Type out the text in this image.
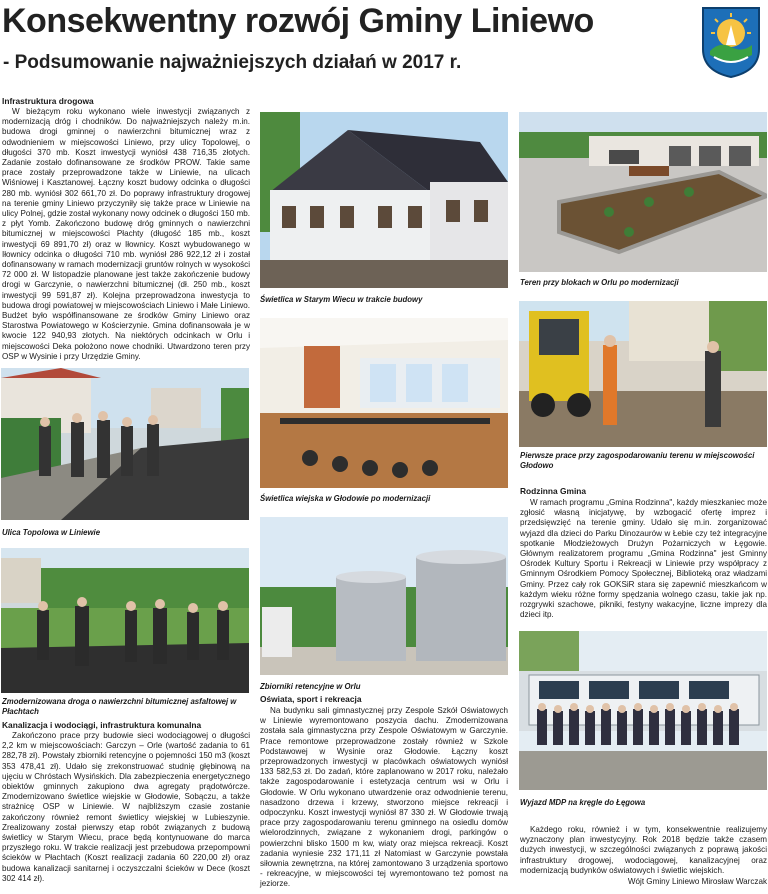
Konsekwentny rozwój Gminy Liniewo
- Podsumowanie najważniejszych działań w 2017 r.
Infrastruktura drogowa

W bieżącym roku wykonano wiele inwestycji związanych z modernizacją dróg i chodników. Do najważniejszych należy m.in. budowa drogi gminnej o nawierzchni bitumicznej wraz z odwodnieniem w miejscowości Liniewo, przy ulicy Topolowej, o długości 370 mb. Koszt inwestycji wyniósł 438 716,35 złotych. Zadanie zostało dofinansowane ze środków PROW. Takie same prace zostały przeprowadzone także w Liniewie, na ulicach Wiśniowej i Kasztanowej. Łączny koszt budowy odcinka o długości 280 mb. wyniósł 302 661,70 zł. Do poprawy infrastruktury drogowej na terenie gminy Liniewo przyczyniły się także prace w Liniewie na ulicy Polnej, gdzie został wykonany nowy odcinek o długości 150 mb. z płyt Yomb. Zakończono budowę dróg gminnych o nawierzchni bitumicznej w miejscowości Płachty (długość 185 mb., koszt inwestycji 69 891,70 zł) oraz w Iłownicy. Koszt wybudowanego w Iłownicy odcinka o długości 710 mb. wyniósł 286 922,12 zł i został dofinansowany w ramach modernizacji gruntów rolnych w wysokości 72 000 zł. W listopadzie planowane jest także zakończenie budowy drogi w Garczynie, o nawierzchni bitumicznej (dł. 250 mb., koszt inwestycji 99 591,87 zł). Kolejna przeprowadzona inwestycja to budowa drogi powiatowej w miejscowościach Liniewo i Małe Liniewo. Budżet było współfinansowane ze środków Gminy Liniewo oraz Starostwa Powiatowego w Kościerzynie. Gmina dofinansowała je w kwocie 122 940,93 złotych. Na niektórych odcinkach w Orlu i miejscowości Deka położono nowe chodniki. Utwardzono teren przy OSP w Wysinie i przy Urzędzie Gminy.

Ulica Topolowa w Liniewie
Zmodernizowana droga o nawierzchni bitumicznej asfaltowej w Płachtach
Kanalizacja i wodociągi, infrastruktura komunalna

Zakończono prace przy budowie sieci wodociągowej o długości 2,2 km w miejscowościach: Garczyn – Orle (wartość zadania to 61 282,78 zł). Powstały zbiorniki retencyjne o pojemności 150 m3 (koszt 353 478,41 zł). Udało się zrekonstruować studnię głębinową na ujęciu w Chróstach Wysińskich. Dla zabezpieczenia energetycznego obiektów gminnych zakupiono dwa agregaty prądotwórcze. Zmodernizowano świetlice wiejskie w Głodowie, Sobączu, a także strażnicę OSP w Liniewie. W najbliższym czasie zostanie zakończony również remont świetlicy wiejskiej w Lubieszynie. Zrealizowany został pierwszy etap robót związanych z budową świetlicy w Starym Wiecu, prace będą kontynuowane do marca przyszłego roku. W trakcie realizacji jest przebudowa przepompowni ścieków w Płachtach (Koszt realizacji zadania 60 220,00 zł) oraz budowa kanalizacji sanitarnej i oczyszczalni ścieków w Dece (koszt 302 414 zł).

Świetlica w Starym Wiecu w trakcie budowy
Świetlica wiejska w Głodowie po modernizacji
Zbiorniki retencyjne w Orlu
Oświata, sport i rekreacja

Na budynku sali gimnastycznej przy Zespole Szkół Oświatowych w Liniewie wyremontowano poszycia dachu. Zmodernizowana została sala gimnastyczna przy Zespole Oświatowym w Garczynie. Prace remontowe przeprowadzone zostały również w Szkole Podstawowej w Wysinie oraz Głodowie. Łączny koszt przeprowadzonych inwestycji w placówkach oświatowych wyniósł 133 582,53 zł. Do zadań, które zaplanowano w 2017 roku, należało także zagospodarowanie i estetyzacja centrum wsi w Orlu i Głodowie. W Orlu wykonano utwardzenie oraz odwodnienie terenu, nasadzono drzewa i krzewy, stworzono miejsce rekreacji i odpoczynku. Koszt inwestycji wyniósł 87 330 zł. W Głodowie trwają prace przy zagospodarowaniu terenu gminnego na osiedlu domów wielorodzinnych, związane z wykonaniem drogi, parkingów o powierzchni blisko 1500 m kw, wiaty oraz miejsca rekreacji. Koszt zadania wyniesie 232 171,11 zł Natomiast w Garczynie powstała siłownia zewnętrzna, na której zamontowano 3 urządzenia sportowo - rekreacyjne, w miejscowości tej wyremontowano też pomost na jeziorze.

Teren przy blokach w Orlu po modernizacji
Pierwsze prace przy zagospodarowaniu terenu w miejscowości Głodowo
Rodzinna Gmina

W ramach programu „Gmina Rodzinna", każdy mieszkaniec może zgłosić własną inicjatywę, by wzbogacić ofertę imprez i przedsięwzięć na terenie gminy. Udało się m.in. zorganizować wyjazd dla dzieci do Parku Dinozaurów w Łebie czy też integracyjne spotkanie Młodzieżowych Drużyn Pożarniczych w Łęgowie. Głównym realizatorem programu „Gmina Rodzinna" jest Gminny Ośrodek Kultury Sportu i Rekreacji w Liniewie przy współpracy z Gminnym Ośrodkiem Pomocy Społecznej, Biblioteką oraz władzami Gminy. Przez cały rok GOKSiR stara się zapewnić mieszkańcom w każdym wieku różne formy spędzania wolnego czasu, takie jak np. rozgrywki szachowe, pikniki, festyny wakacyjne, liczne imprezy dla dzieci itp.

Wyjazd MDP na kręgle do Łęgowa

Każdego roku, również i w tym, konsekwentnie realizujemy wyznaczony plan inwestycyjny. Rok 2018 będzie także czasem dużych inwestycji, w szczególności związanych z poprawą jakości infrastruktury drogowej, wodociągowej, kanalizacyjnej oraz modernizacją budynków oświatowych i świetlic wiejskich.

Wójt Gminy Liniewo Mirosław Warczak
